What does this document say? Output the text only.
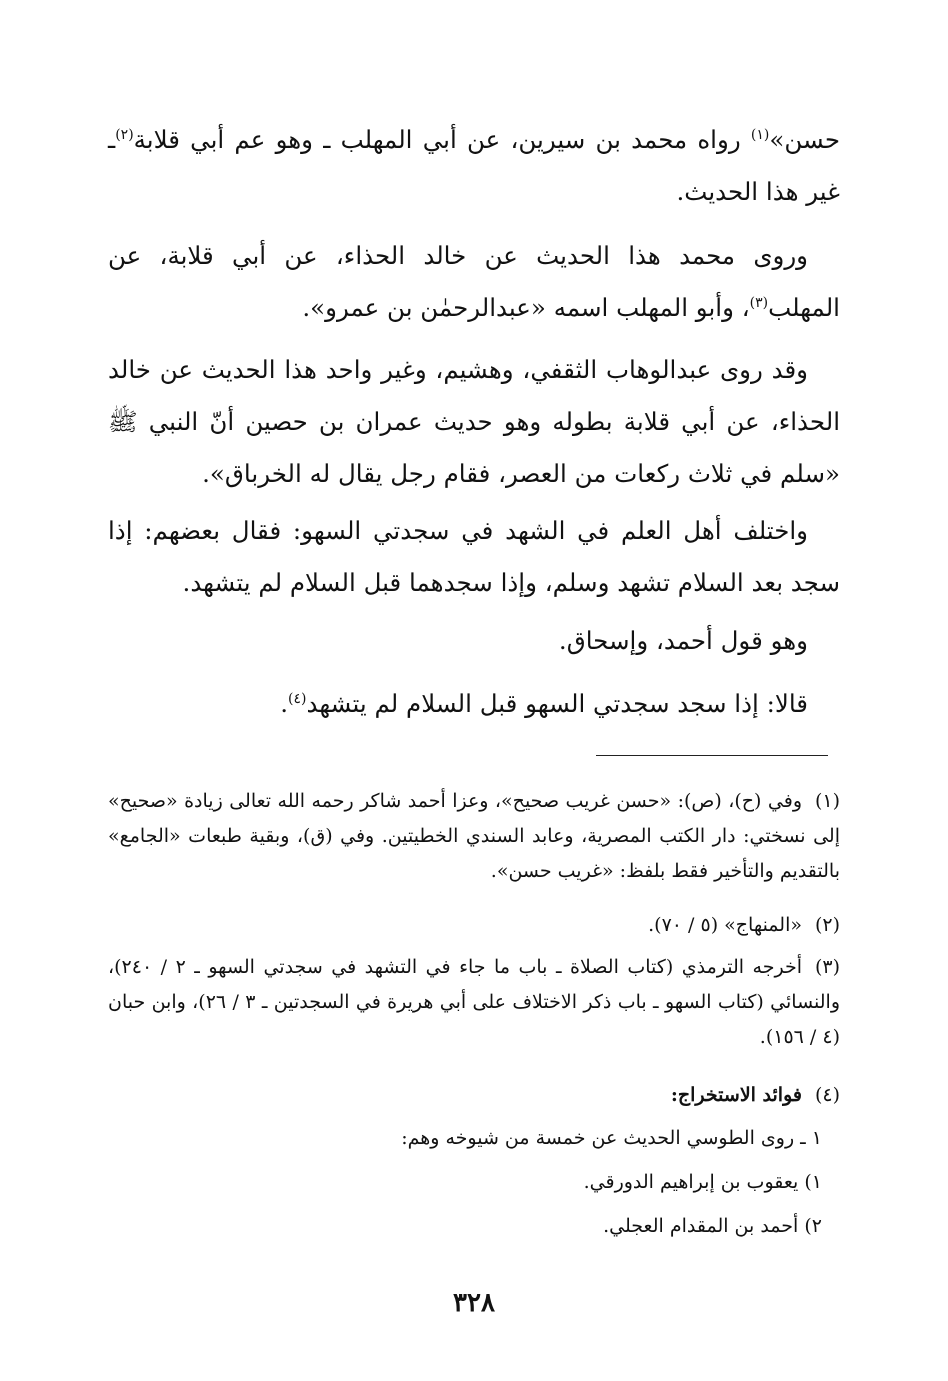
حسن»$^{(١)}$ رواه محمد بن سيرين، عن أبي المهلب ـ وهو عم أبي قلابة$^{(٢)}$ـ غير هذا الحديث.

وروى محمد هذا الحديث عن خالد الحذاء، عن أبي قلابة، عن المهلب$^{(٣)}$، وأبو المهلب اسمه «عبدالرحمٰن بن عمرو».

وقد روى عبدالوهاب الثقفي، وهشيم، وغير واحد هذا الحديث عن خالد الحذاء، عن أبي قلابة بطوله وهو حديث عمران بن حصين أنّ النبي ﷺ «سلم في ثلاث ركعات من العصر، فقام رجل يقال له الخرباق».

واختلف أهل العلم في الشهد في سجدتي السهو: فقال بعضهم: إذا سجد بعد السلام تشهد وسلم، وإذا سجدهما قبل السلام لم يتشهد.

وهو قول أحمد، وإسحاق.

قالا: إذا سجد سجدتي السهو قبل السلام لم يتشهد$^{(٤)}$.

(١)وفي (ح)، (ص): «حسن غريب صحيح»، وعزا أحمد شاكر رحمه الله تعالى زيادة «صحيح» إلى نسختي: دار الكتب المصرية، وعابد السندي الخطيتين. وفي (ق)، وبقية طبعات «الجامع» بالتقديم والتأخير فقط بلفظ: «غريب حسن».

(٢)«المنهاج» (٥ / ٧٠).

(٣)أخرجه الترمذي (كتاب الصلاة ـ باب ما جاء في التشهد في سجدتي السهو ـ ٢ / ٢٤٠)، والنسائي (كتاب السهو ـ باب ذكر الاختلاف على أبي هريرة في السجدتين ـ ٣ / ٢٦)، وابن حبان (٤ / ١٥٦).

(٤)فوائد الاستخراج:

١ ـ روى الطوسي الحديث عن خمسة من شيوخه وهم:

١) يعقوب بن إبراهيم الدورقي.

٢) أحمد بن المقدام العجلي.

٣٢٨
